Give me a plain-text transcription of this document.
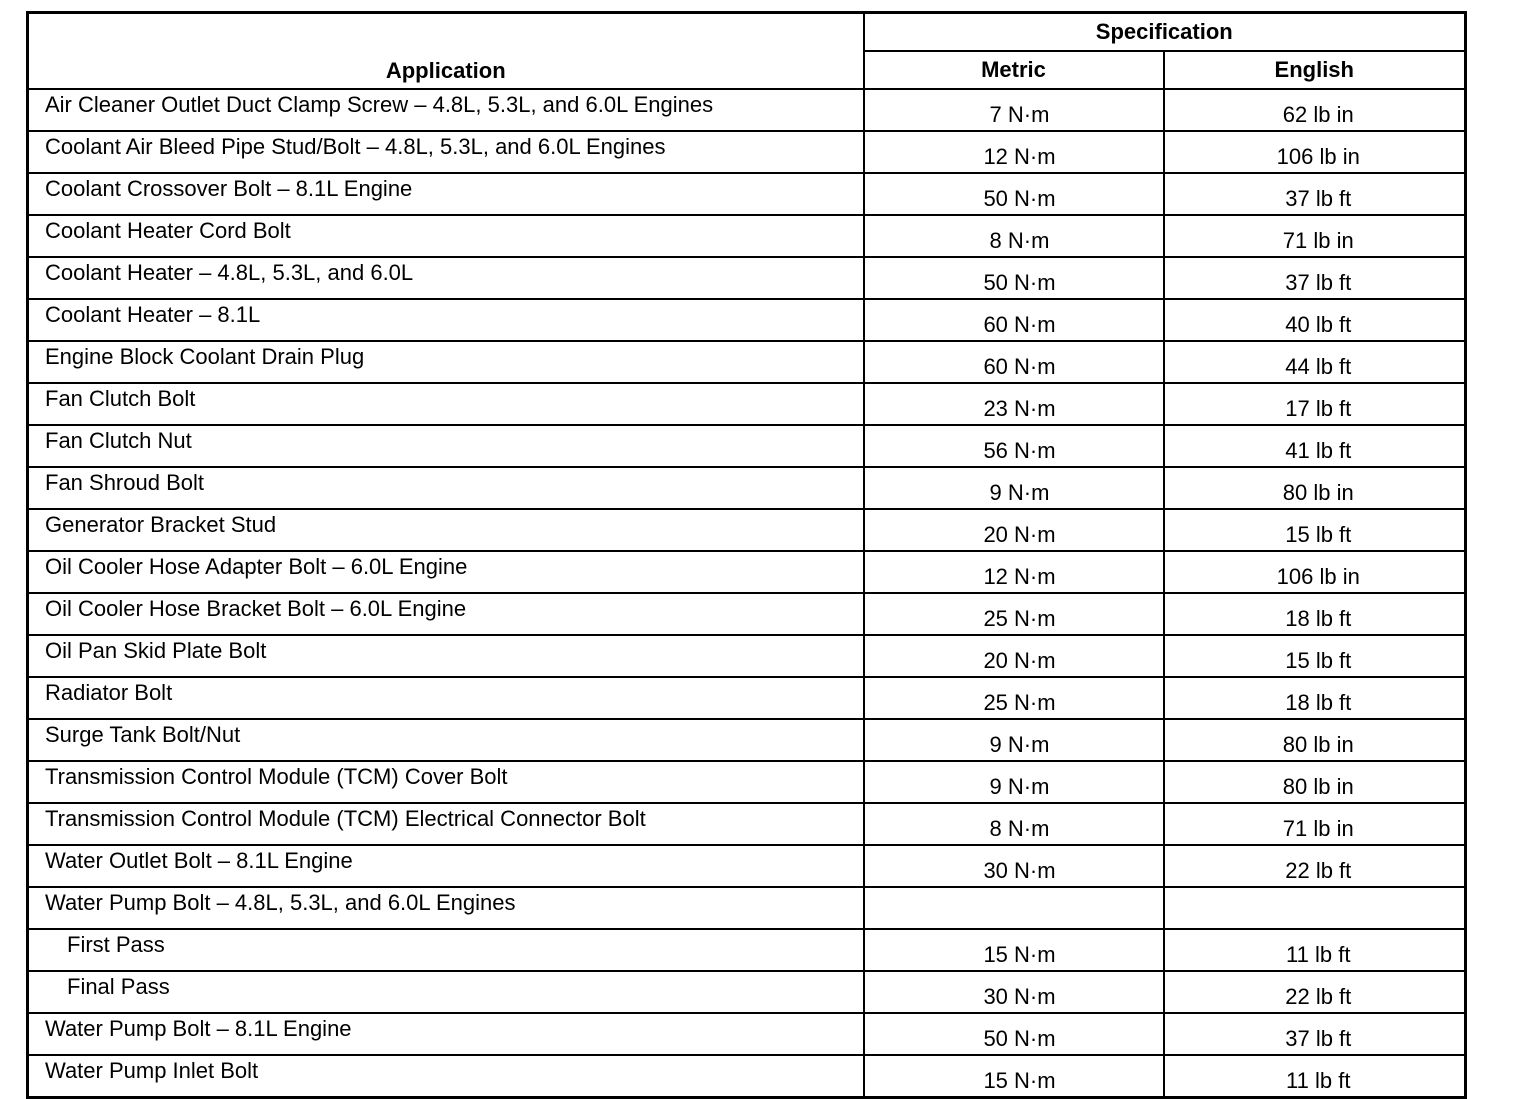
Application	Specification	
	Metric	English
Air Cleaner Outlet Duct Clamp Screw – 4.8L, 5.3L, and 6.0L Engines	7 N·m	62 lb in
Coolant Air Bleed Pipe Stud/Bolt – 4.8L, 5.3L, and 6.0L Engines	12 N·m	106 lb in
Coolant Crossover Bolt – 8.1L Engine	50 N·m	37 lb ft
Coolant Heater Cord Bolt	8 N·m	71 lb in
Coolant Heater – 4.8L, 5.3L, and 6.0L	50 N·m	37 lb ft
Coolant Heater – 8.1L	60 N·m	40 lb ft
Engine Block Coolant Drain Plug	60 N·m	44 lb ft
Fan Clutch Bolt	23 N·m	17 lb ft
Fan Clutch Nut	56 N·m	41 lb ft
Fan Shroud Bolt	9 N·m	80 lb in
Generator Bracket Stud	20 N·m	15 lb ft
Oil Cooler Hose Adapter Bolt – 6.0L Engine	12 N·m	106 lb in
Oil Cooler Hose Bracket Bolt – 6.0L Engine	25 N·m	18 lb ft
Oil Pan Skid Plate Bolt	20 N·m	15 lb ft
Radiator Bolt	25 N·m	18 lb ft
Surge Tank Bolt/Nut	9 N·m	80 lb in
Transmission Control Module (TCM) Cover Bolt	9 N·m	80 lb in
Transmission Control Module (TCM) Electrical Connector Bolt	8 N·m	71 lb in
Water Outlet Bolt – 8.1L Engine	30 N·m	22 lb ft
Water Pump Bolt – 4.8L, 5.3L, and 6.0L Engines		
First Pass	15 N·m	11 lb ft
Final Pass	30 N·m	22 lb ft
Water Pump Bolt – 8.1L Engine	50 N·m	37 lb ft
Water Pump Inlet Bolt	15 N·m	11 lb ft
